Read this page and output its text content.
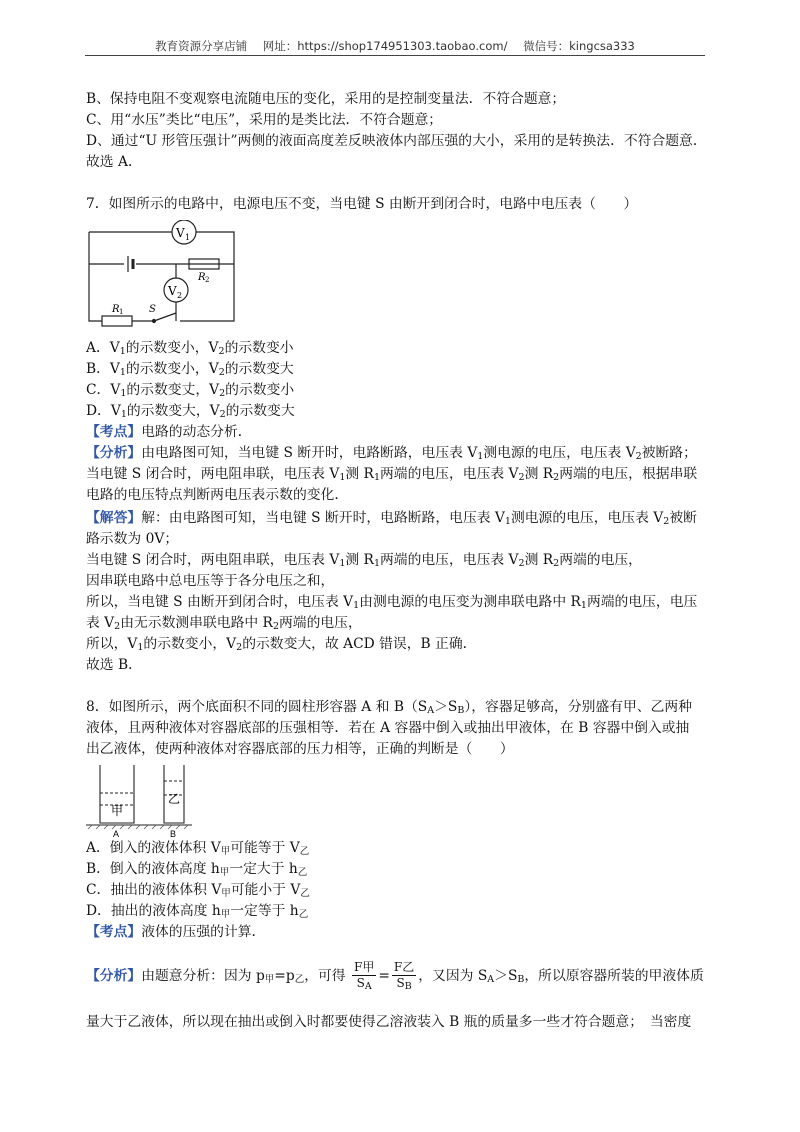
教育资源分享店铺 网址：https://shop174951303.taobao.com/ 微信号：kingcsa333
B、保持电阻不变观察电流随电压的变化，采用的是控制变量法．不符合题意；
C、用“水压”类比“电压”，采用的是类比法．不符合题意；
D、通过“U 形管压强计”两侧的液面高度差反映液体内部压强的大小，采用的是转换法．不符合题意．
故选 A．
7．如图所示的电路中，电源电压不变，当电键 S 由断开到闭合时，电路中电压表（　　）
V 1
V 2
R 2
R 1	S
A．$V_1$的示数变小，$V_2$的示数变小
B．$V_1$的示数变小，$V_2$的示数变大
C．$V_1$的示数变丈，$V_2$的示数变小
D．$V_1$的示数变大，$V_2$的示数变大
【考点】电路的动态分析．
【分析】由电路图可知，当电键 S 断开时，电路断路，电压表 $V_1$测电源的电压，电压表 $V_2$被断路；
当电键 S 闭合时，两电阻串联，电压表 $V_1$测 $R_1$两端的电压，电压表 $V_2$测 $R_2$两端的电压，根据串联
电路的电压特点判断两电压表示数的变化．
【解答】解：由电路图可知，当电键 S 断开时，电路断路，电压表 $V_1$测电源的电压，电压表 $V_2$被断
路示数为 0V；
当电键 S 闭合时，两电阻串联，电压表 $V_1$测 $R_1$两端的电压，电压表 $V_2$测 $R_2$两端的电压，
因串联电路中总电压等于各分电压之和，
所以，当电键 S 由断开到闭合时，电压表 $V_1$由测电源的电压变为测串联电路中 $R_1$两端的电压，电压
表 $V_2$由无示数测串联电路中 $R_2$两端的电压，
所以，$V_1$的示数变小，$V_2$的示数变大，故 ACD 错误，B 正确．
故选 B．
8．如图所示，两个底面积不同的圆柱形容器 A 和 $B(S_A>S_B)$，容器足够高，分别盛有甲、乙两种
液体，且两种液体对容器底部的压强相等．若在 A 容器中倒入或抽出甲液体，在 B 容器中倒入或抽
出乙液体，使两种液体对容器底部的压力相等，正确的判断是（　　）
甲
乙
A	B
A．倒入的液体体积 V甲可能等于 $V_乙$
B．倒入的液体高度 h甲一定大于 $h_乙$
C．抽出的液体体积 V甲可能小于 $V_乙$
D．抽出的液体高度 h甲一定等于 $h_乙$
【考点】液体的压强的计算．
【分析】由题意分析：因为 p甲=p乙，可得 $\frac{\text{F甲}}{S_A} = \frac{\text{F乙}}{S_B}$ ，又因为 $S_A>S_B$，所以原容器所装的甲液体质
量大于乙液体，所以现在抽出或倒入时都要使得乙溶液装入 B 瓶的质量多一些才符合题意；　当密度
